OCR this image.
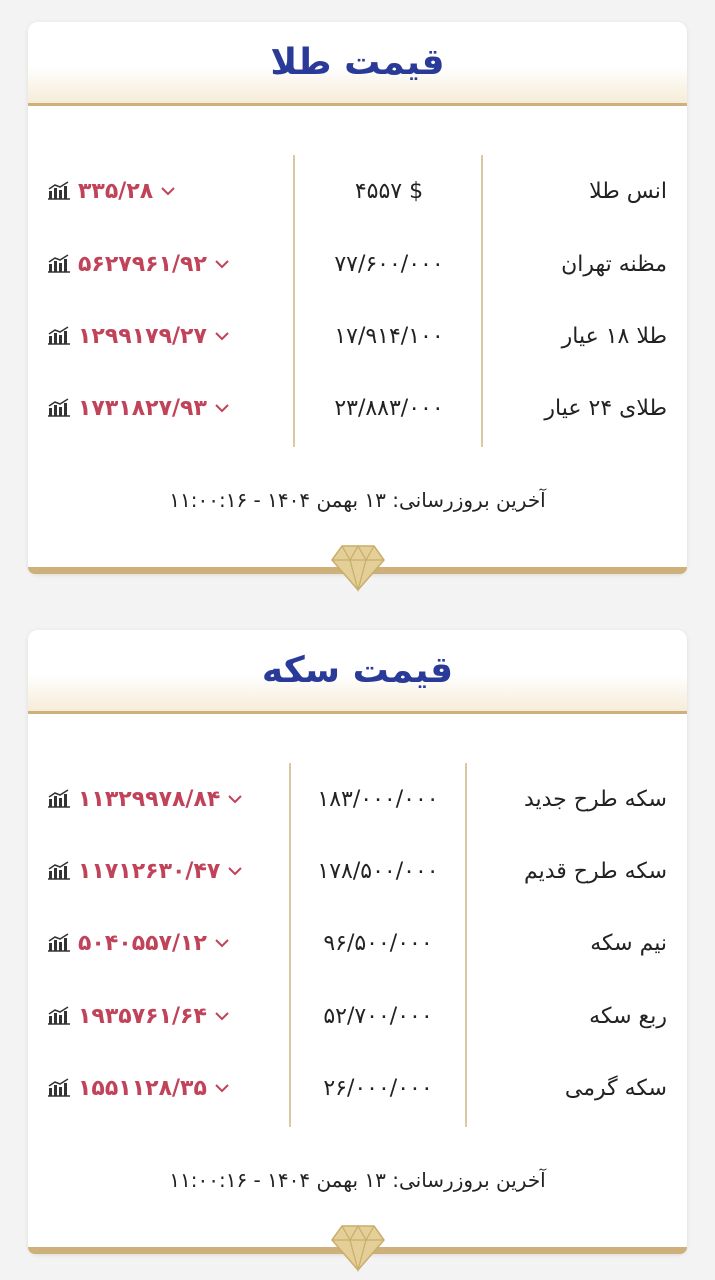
قیمت طلا
انس طلا
۴۵۵۷ $
۳۳۵/۲۸
مظنه تهران
۷۷/۶۰۰/۰۰۰
۵۶۲۷۹۶۱/۹۲
طلا ۱۸ عیار
۱۷/۹۱۴/۱۰۰
۱۲۹۹۱۷۹/۲۷
طلای ۲۴ عیار
۲۳/۸۸۳/۰۰۰
۱۷۳۱۸۲۷/۹۳
آخرین بروزرسانی: ۱۳ بهمن ۱۴۰۴ - ۱۱:۰۰:۱۶
قیمت سکه
سکه طرح جدید
۱۸۳/۰۰۰/۰۰۰
۱۱۳۲۹۹۷۸/۸۴
سکه طرح قدیم
۱۷۸/۵۰۰/۰۰۰
۱۱۷۱۲۶۳۰/۴۷
نیم سکه
۹۶/۵۰۰/۰۰۰
۵۰۴۰۵۵۷/۱۲
ربع سکه
۵۲/۷۰۰/۰۰۰
۱۹۳۵۷۶۱/۶۴
سکه گرمی
۲۶/۰۰۰/۰۰۰
۱۵۵۱۱۲۸/۳۵
آخرین بروزرسانی: ۱۳ بهمن ۱۴۰۴ - ۱۱:۰۰:۱۶
